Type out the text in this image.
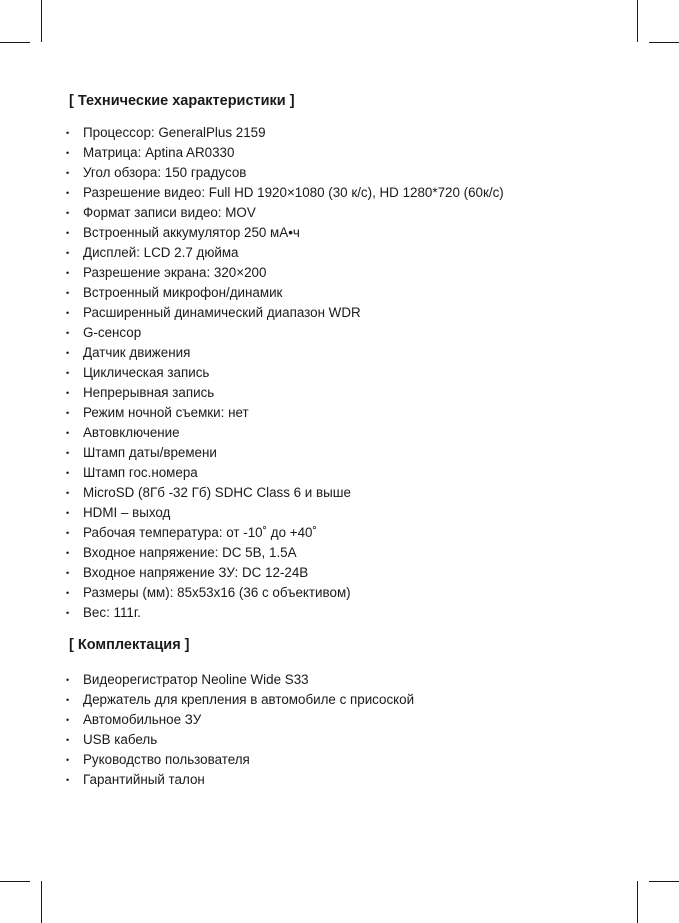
[ Технические характеристики ]
• Процессор: GeneralPlus 2159
• Матрица: Aptina AR0330
• Угол обзора: 150 градусов
• Разрешение видео: Full HD 1920×1080 (30 к/с), HD 1280*720 (60к/с)
• Формат записи видео: MOV
• Встроенный аккумулятор 250 мА•ч
• Дисплей: LCD 2.7 дюйма
• Разрешение экрана: 320×200
• Встроенный микрофон/динамик
• Расширенный динамический диапазон WDR
• G-сенсор
• Датчик движения
• Циклическая запись
• Непрерывная запись
• Режим ночной съемки: нет
• Автовключение
• Штамп даты/времени
• Штамп гос.номера
• MicroSD (8Гб -32 Гб) SDHC Class 6 и выше
• HDMI – выход
• Рабочая температура: от -10˚ до +40˚
• Входное напряжение: DC 5В, 1.5А
• Входное напряжение ЗУ: DC 12-24В
• Размеры (мм): 85x53x16 (36 с объективом)
• Вес: 111г.
[ Комплектация ]
• Видеорегистратор Neoline Wide S33
• Держатель для крепления в автомобиле с присоской
• Автомобильное ЗУ
• USB кабель
• Руководство пользователя
• Гарантийный талон
